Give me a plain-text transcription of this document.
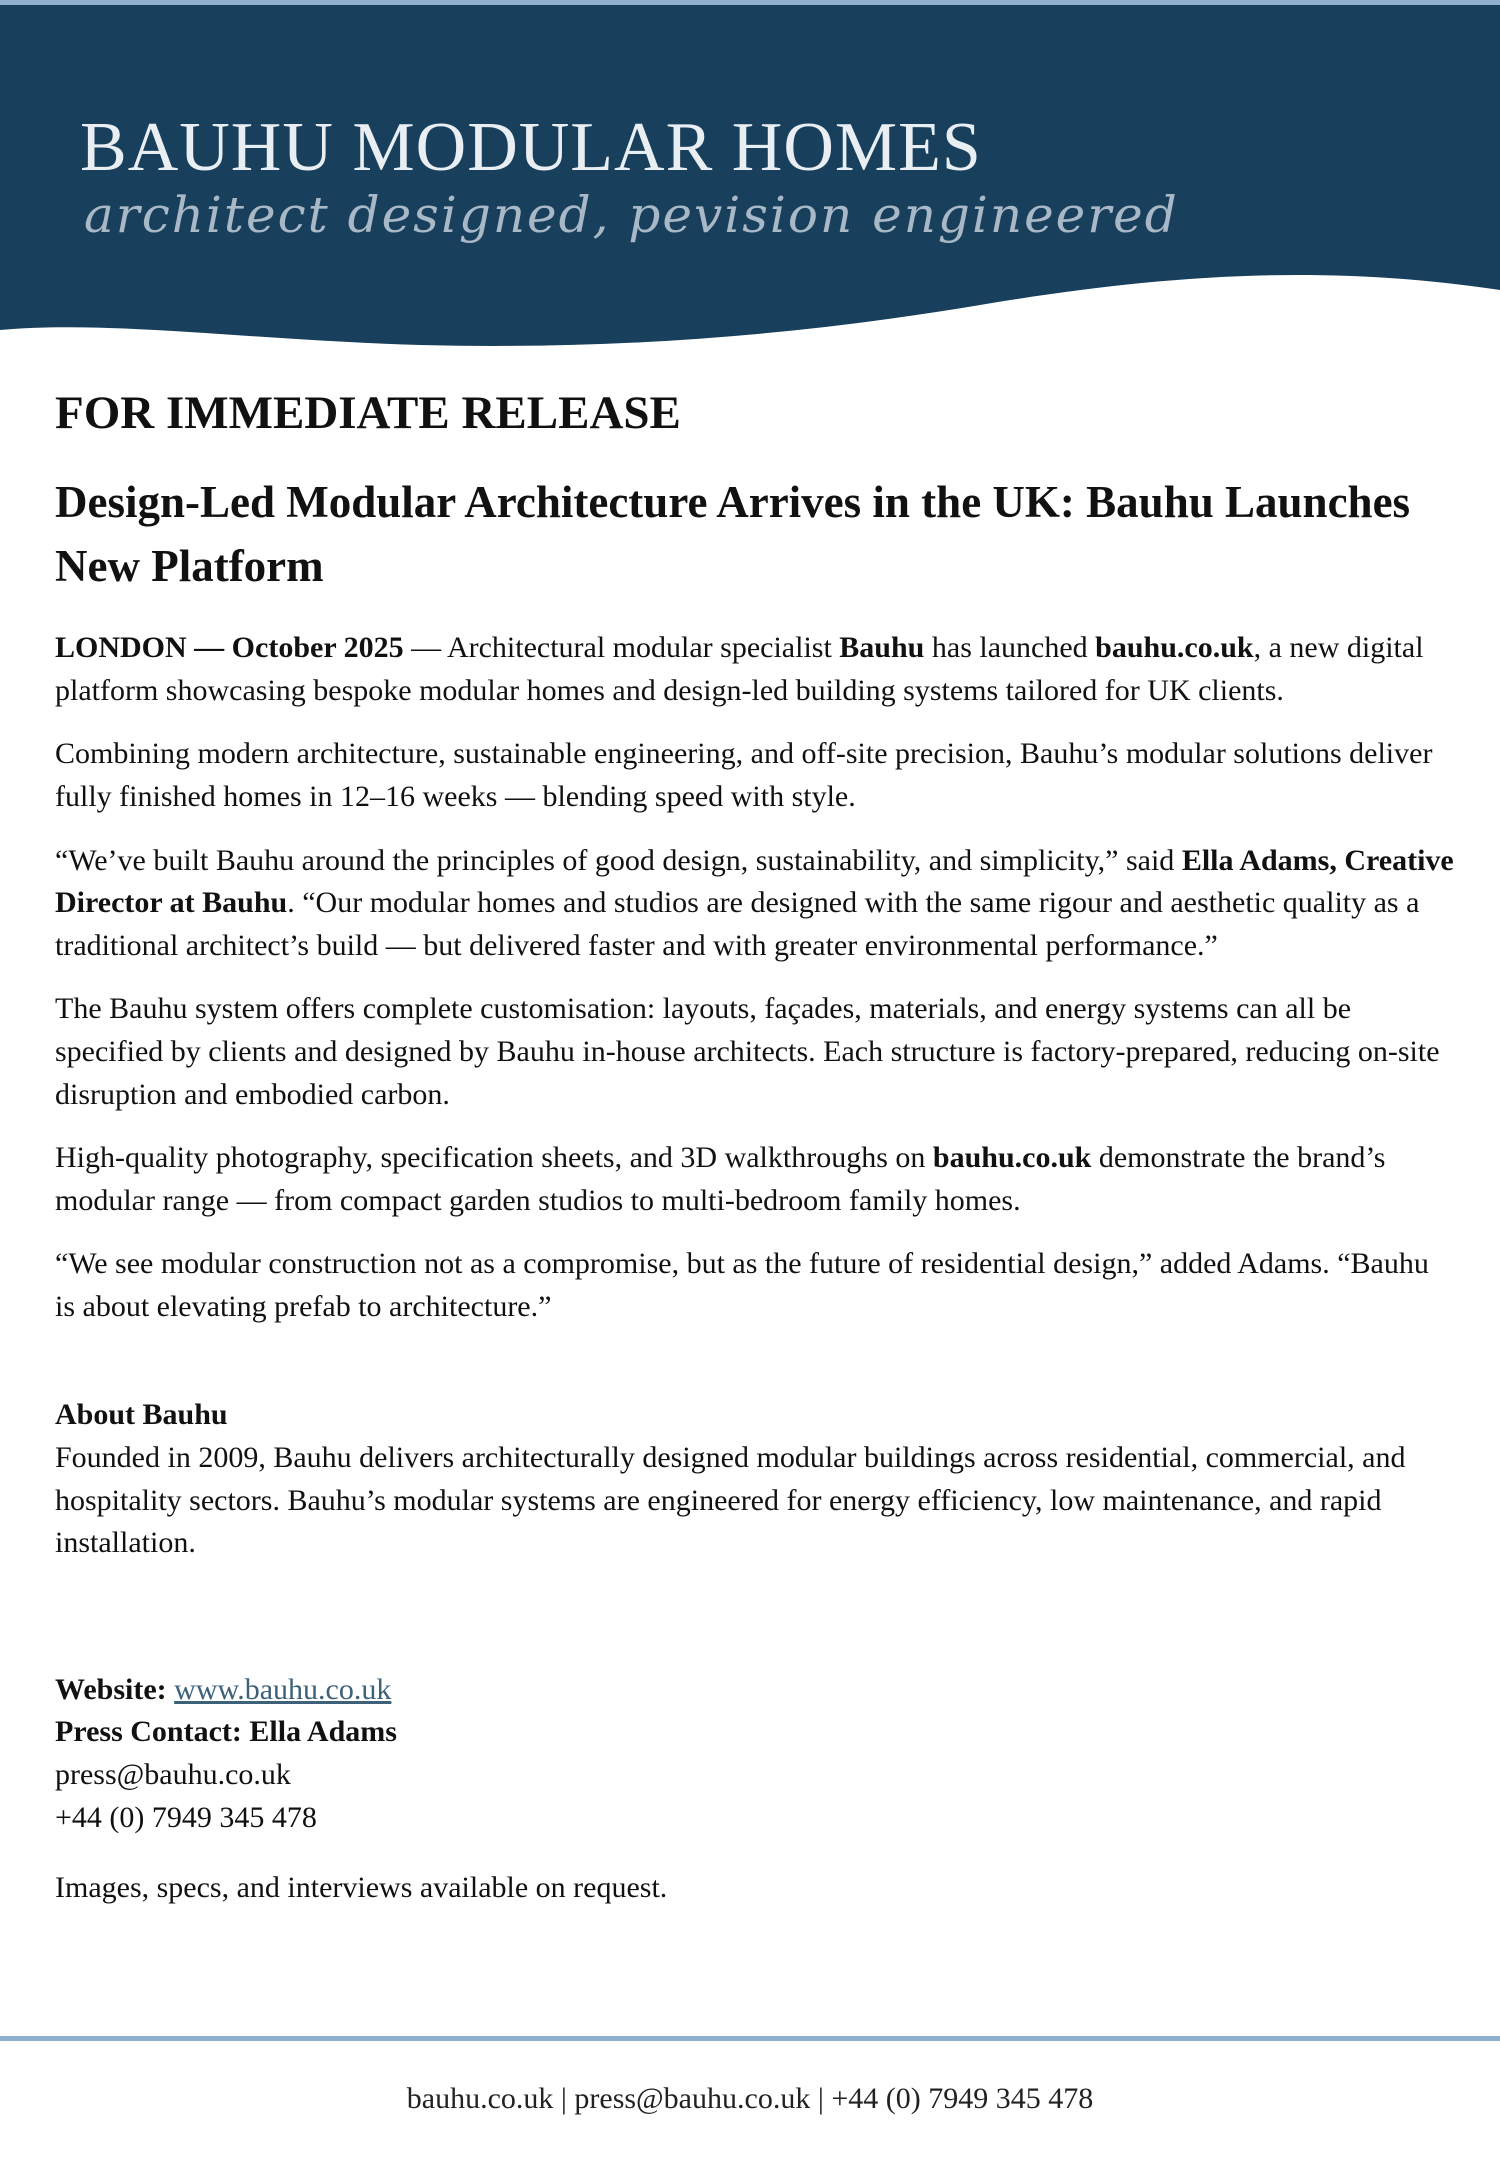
BAUHU MODULAR HOMES
architect designed, pevision engineered
FOR IMMEDIATE RELEASE
Design-Led Modular Architecture Arrives in the UK: Bauhu Launches New Platform

LONDON — October 2025 — Architectural modular specialist Bauhu has launched bauhu.co.uk, a new digital platform showcasing bespoke modular homes and design-led building systems tailored for UK clients.

Combining modern architecture, sustainable engineering, and off-site precision, Bauhu’s modular solutions deliver fully finished homes in 12–16 weeks — blending speed with style.

“We’ve built Bauhu around the principles of good design, sustainability, and simplicity,” said Ella Adams, Creative Director at Bauhu. “Our modular homes and studios are designed with the same rigour and aesthetic quality as a traditional architect’s build — but delivered faster and with greater environmental performance.”

The Bauhu system offers complete customisation: layouts, façades, materials, and energy systems can all be specified by clients and designed by Bauhu in-house architects. Each structure is factory-prepared, reducing on-site disruption and embodied carbon.

High-quality photography, specification sheets, and 3D walkthroughs on bauhu.co.uk demonstrate the brand’s modular range — from compact garden studios to multi-bedroom family homes.

“We see modular construction not as a compromise, but as the future of residential design,” added Adams. “Bauhu is about elevating prefab to architecture.”

About Bauhu
Founded in 2009, Bauhu delivers architecturally designed modular buildings across residential, commercial, and hospitality sectors. Bauhu’s modular systems are engineered for energy efficiency, low maintenance, and rapid installation.
Website: www.bauhu.co.uk
Press Contact: Ella Adams
press@bauhu.co.uk
+44 (0) 7949 345 478
Images, specs, and interviews available on request.
bauhu.co.uk | press@bauhu.co.uk | +44 (0) 7949 345 478
